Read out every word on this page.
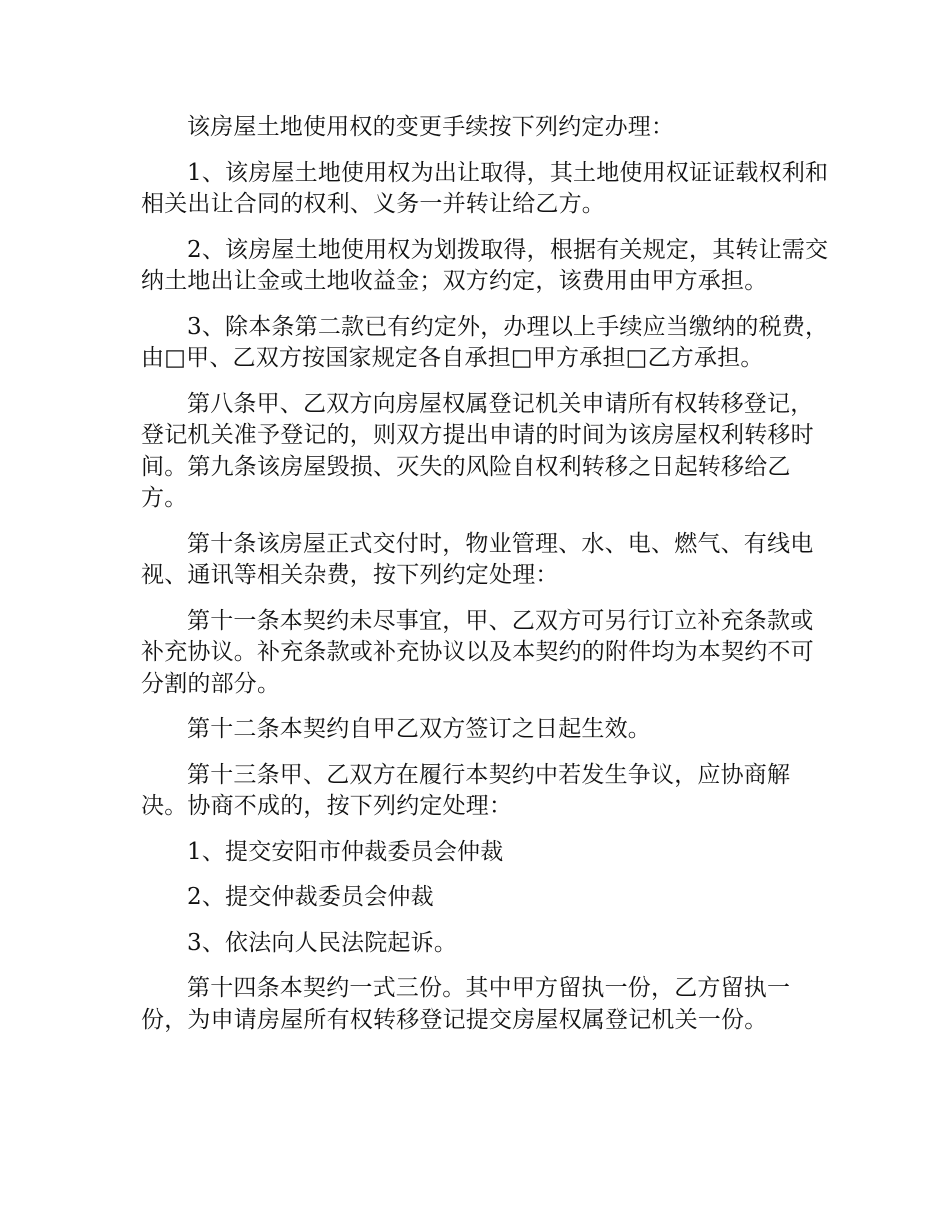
该房屋土地使用权的变更手续按下列约定办理：

1、该房屋土地使用权为出让取得，其土地使用权证证载权利和相关出让合同的权利、义务一并转让给乙方。

2、该房屋土地使用权为划拨取得，根据有关规定，其转让需交纳土地出让金或土地收益金；双方约定，该费用由甲方承担。

3、除本条第二款已有约定外，办理以上手续应当缴纳的税费，由□甲、乙双方按国家规定各自承担□甲方承担□乙方承担。

第八条甲、乙双方向房屋权属登记机关申请所有权转移登记，登记机关准予登记的，则双方提出申请的时间为该房屋权利转移时间。第九条该房屋毁损、灭失的风险自权利转移之日起转移给乙方。

第十条该房屋正式交付时，物业管理、水、电、燃气、有线电视、通讯等相关杂费，按下列约定处理：

第十一条本契约未尽事宜，甲、乙双方可另行订立补充条款或补充协议。补充条款或补充协议以及本契约的附件均为本契约不可分割的部分。

第十二条本契约自甲乙双方签订之日起生效。

第十三条甲、乙双方在履行本契约中若发生争议，应协商解决。协商不成的，按下列约定处理：

1、提交安阳市仲裁委员会仲裁

2、提交仲裁委员会仲裁

3、依法向人民法院起诉。

第十四条本契约一式三份。其中甲方留执一份，乙方留执一份，为申请房屋所有权转移登记提交房屋权属登记机关一份。
